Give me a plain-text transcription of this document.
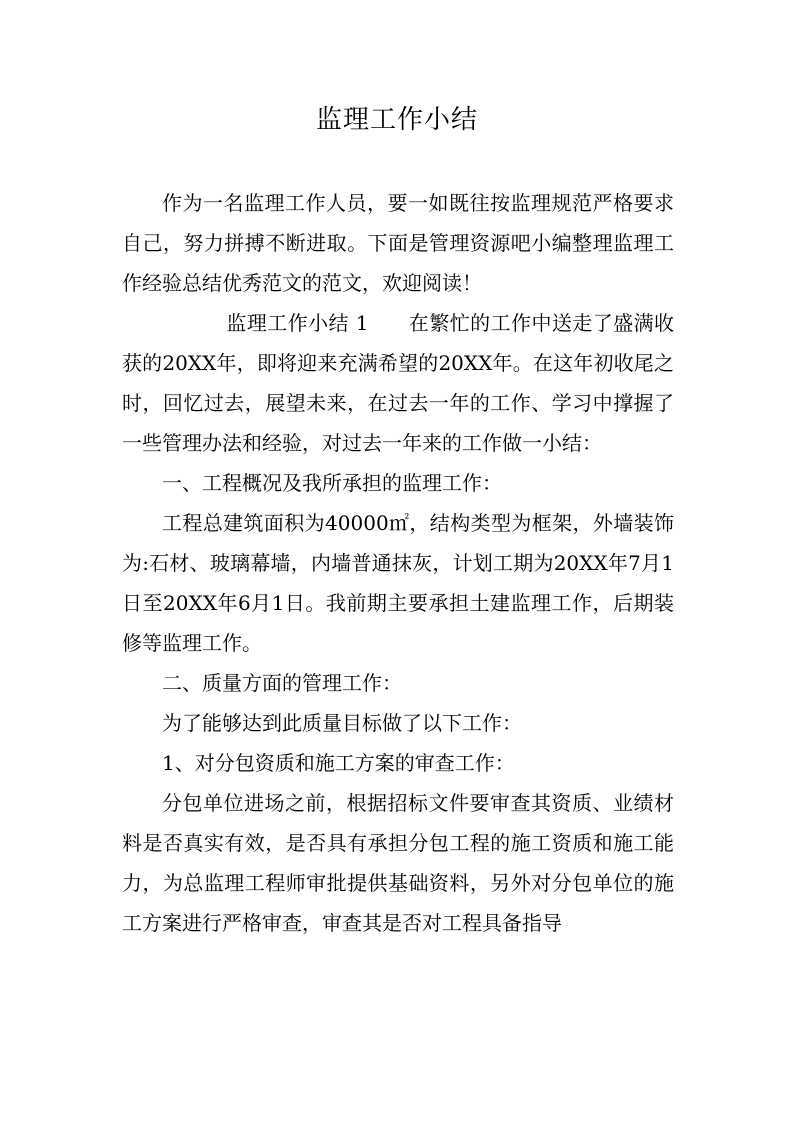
监理工作小结

作为一名监理工作人员，要一如既往按监理规范严格要求自己，努力拼搏不断进取。下面是管理资源吧小编整理监理工作经验总结优秀范文的范文，欢迎阅读！

监理工作小结 1 在繁忙的工作中送走了盛满收获的20XX年，即将迎来充满希望的20XX年。在这年初收尾之时，回忆过去，展望未来，在过去一年的工作、学习中撑握了一些管理办法和经验，对过去一年来的工作做一小结：

一、工程概况及我所承担的监理工作：

工程总建筑面积为40000㎡，结构类型为框架，外墙装饰为:石材、玻璃幕墙，内墙普通抹灰，计划工期为20XX年7月1日至20XX年6月1日。我前期主要承担土建监理工作，后期装修等监理工作。

二、质量方面的管理工作：

为了能够达到此质量目标做了以下工作：

1、对分包资质和施工方案的审查工作：

分包单位进场之前，根据招标文件要审查其资质、业绩材料是否真实有效，是否具有承担分包工程的施工资质和施工能力，为总监理工程师审批提供基础资料，另外对分包单位的施工方案进行严格审查，审查其是否对工程具备指导
